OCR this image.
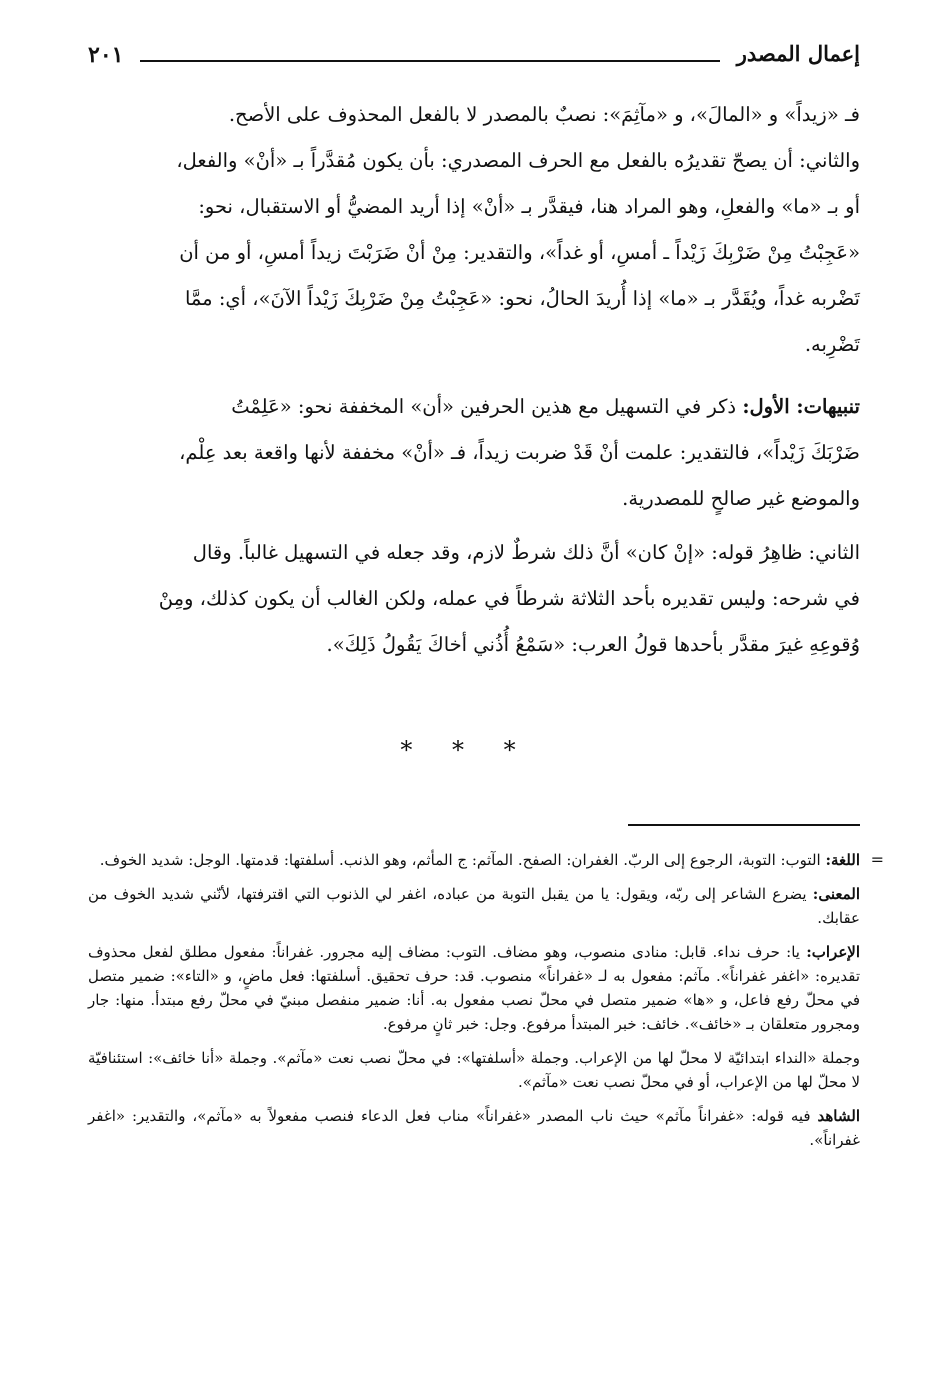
٢٠١	إعمال المصدر

فـ «زيداً» و «المالَ»، و «مآثِمَ»: نصبٌ بالمصدر لا بالفعل المحذوف على الأصح.

والثاني: أن يصحّ تقديرُه بالفعل مع الحرف المصدري: بأن يكون مُقدَّراً بـ «أنْ» والفعل،

أو بـ «ما» والفعلِ، وهو المراد هنا، فيقدَّر بـ «أنْ» إذا أريد المضيُّ أو الاستقبال، نحو:

«عَجِبْتُ مِنْ ضَرْبِكَ زَيْداً ـ أمسِ، أو غداً»، والتقدير: مِنْ أنْ ضَرَبْتَ زيداً أمسِ، أو من أن

تَضْربه غداً، ويُقَدَّر بـ «ما» إذا أُريدَ الحالُ، نحو: «عَجِبْتُ مِنْ ضَرْبِكَ زَيْداً الآنَ»، أي: ممَّا

تَضْرِبه.

تنبيهات: الأول: ذكر في التسهيل مع هذين الحرفين «أن» المخففة نحو: «عَلِمْتُ

ضَرْبَكَ زَيْداً»، فالتقدير: علمت أنْ قَدْ ضربت زيداً، فـ «أنْ» مخففة لأنها واقعة بعد عِلْم،

والموضع غير صالحٍ للمصدرية.

الثاني: ظاهِرُ قوله: «إنْ كان» أنَّ ذلك شرطٌ لازم، وقد جعله في التسهيل غالباً. وقال

في شرحه: وليس تقديره بأحد الثلاثة شرطاً في عمله، ولكن الغالب أن يكون كذلك، ومِنْ

وُقوعِهِ غيرَ مقدَّر بأحدها قولُ العرب: «سَمْعُ أُذُني أخاكَ يَقُولُ ذَلِكَ».

* * *
=

اللغة: التوب: التوبة، الرجوع إلى الربّ. الغفران: الصفح. المآثم: ج المأثم، وهو الذنب. أسلفتها: قدمتها. الوجل: شديد الخوف.

المعنى: يضرع الشاعر إلى ربّه، ويقول: يا من يقبل التوبة من عباده، اغفر لي الذنوب التي اقترفتها، لأنّني شديد الخوف من عقابك.

الإعراب: يا: حرف نداء. قابل: منادى منصوب، وهو مضاف. التوب: مضاف إليه مجرور. غفراناً: مفعول مطلق لفعل محذوف تقديره: «اغفر غفراناً». مآثم: مفعول به لـ «غفراناً» منصوب. قد: حرف تحقيق. أسلفتها: فعل ماضٍ، و «التاء»: ضمير متصل في محلّ رفع فاعل، و «ها» ضمير متصل في محلّ نصب مفعول به. أنا: ضمير منفصل مبنيّ في محلّ رفع مبتدأ. منها: جار ومجرور متعلقان بـ «خائف». خائف: خبر المبتدأ مرفوع. وجل: خبر ثانٍ مرفوع.

وجملة «النداء ابتدائيّة لا محلّ لها من الإعراب. وجملة «أسلفتها»: في محلّ نصب نعت «مآثم». وجملة «أنا خائف»: استئنافيّة لا محلّ لها من الإعراب، أو في محلّ نصب نعت «مآثم».

الشاهد فيه قوله: «غفراناً مآثم» حيث ناب المصدر «غفراناً» مناب فعل الدعاء فنصب مفعولاً به «مآثم»، والتقدير: «اغفر غفراناً».
